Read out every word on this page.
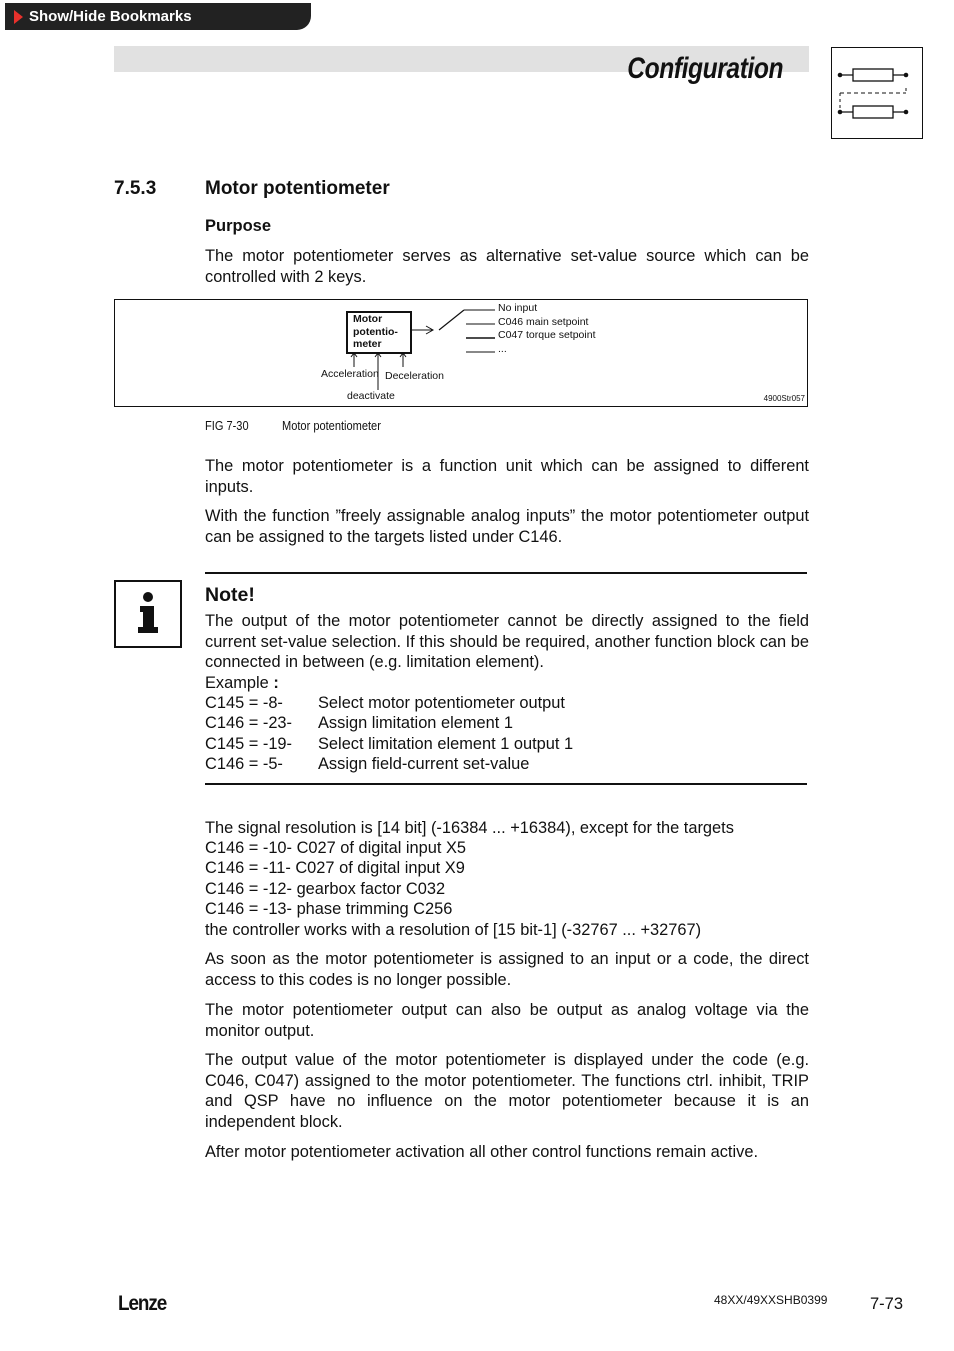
Show/Hide Bookmarks
Configuration
7.5.3	Motor potentiometer
Purpose
The motor potentiometer serves as alternative set-value source which can be controlled with 2 keys.
Motor
potentio-
meter
No input
C046 main setpoint
C047 torque setpoint
...
Acceleration Deceleration
deactivate	4900Str057
FIG 7-30	Motor potentiometer
The motor potentiometer is a function unit which can be assigned to different inputs.
With the function ”freely assignable analog inputs” the motor potentiometer output can be assigned to the targets listed under C146.
Note!
The output of the motor potentiometer cannot be directly assigned to the field current set-value selection. If this should be required, another function block can be connected in between (e.g. limitation element).
Example :
C145 = -8- Select motor potentiometer output
C146 = -23- Assign limitation element 1
C145 = -19- Select limitation element 1 output 1
C146 = -5- Assign field-current set-value
The signal resolution is [14 bit] (-16384 ... +16384), except for the targets
C146 = -10- C027 of digital input X5
C146 = -11- C027 of digital input X9
C146 = -12- gearbox factor C032
C146 = -13- phase trimming C256
the controller works with a resolution of [15 bit-1] (-32767 ... +32767)
As soon as the motor potentiometer is assigned to an input or a code, the direct access to this codes is no longer possible.
The motor potentiometer output can also be output as analog voltage via the monitor output.
The output value of the motor potentiometer is displayed under the code (e.g. C046, C047) assigned to the motor potentiometer. The functions ctrl. inhibit, TRIP and QSP have no influence on the motor potentiometer because it is an independent block.
After motor potentiometer activation all other control functions remain active.
Lenze	48XX/49XXSHB0399	7-73
